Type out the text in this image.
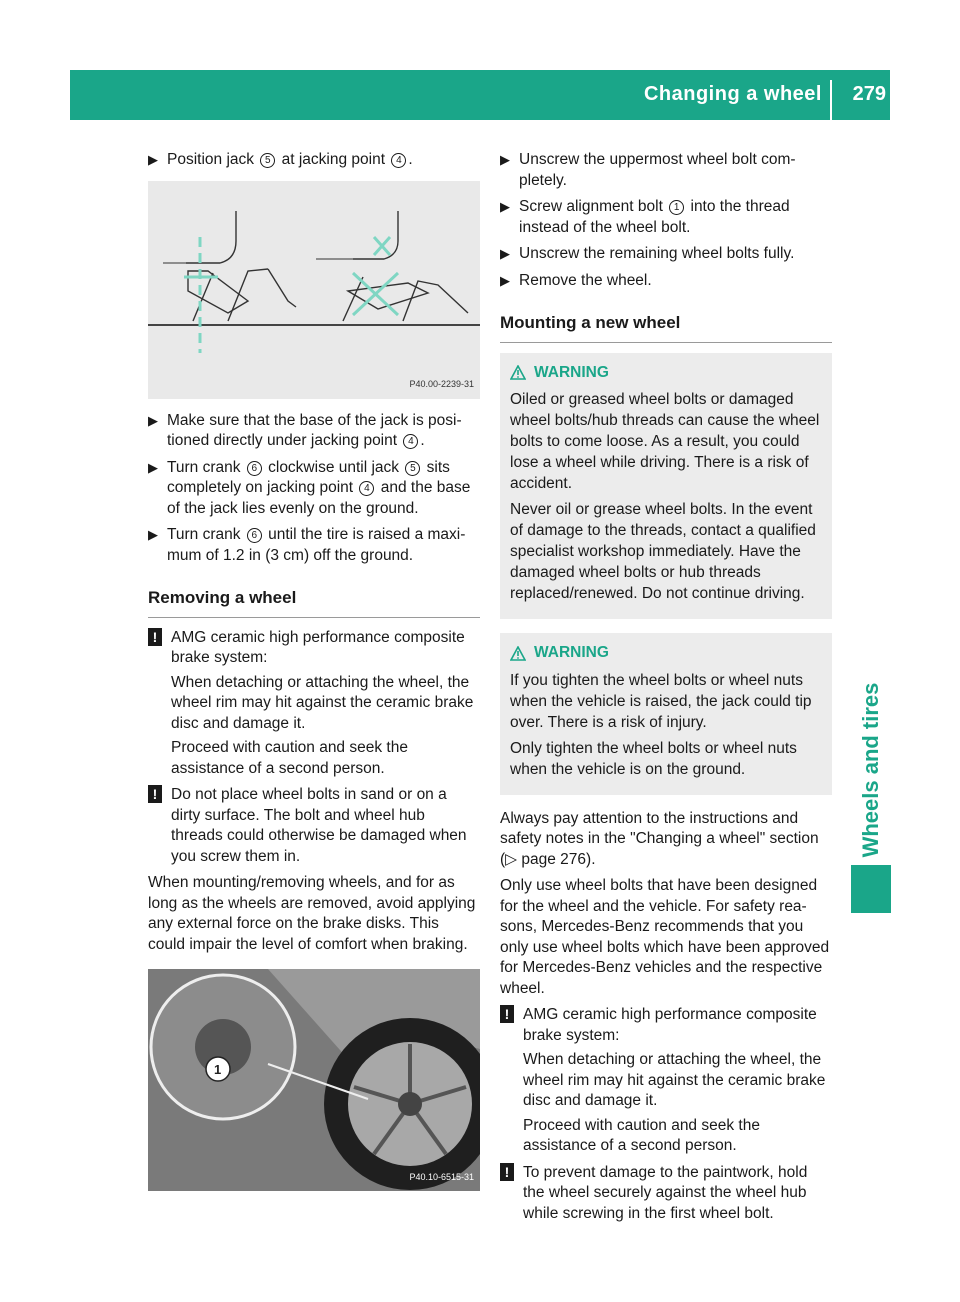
Changing a wheel 279
Wheels and tires
▶ Position jack 5 at jacking point 4 .
P40.00-2239-31
▶ Make sure that the base of the jack is posi-tioned directly under jacking point 4 .
▶ Turn crank 6 clockwise until jack 5 sits completely on jacking point 4 and the base of the jack lies evenly on the ground.
▶ Turn crank 6 until the tire is raised a maxi-mum of 1.2 in (3 cm) off the ground.
Removing a wheel
! AMG ceramic high performance composite brake system:

When detaching or attaching the wheel, the wheel rim may hit against the ceramic brake disc and damage it.

Proceed with caution and seek the assistance of a second person.

! Do not place wheel bolts in sand or on a dirty surface. The bolt and wheel hub threads could otherwise be damaged when you screw them in.

When mounting/removing wheels, and for as long as the wheels are removed, avoid applying any external force on the brake disks. This could impair the level of comfort when braking.

1
P40.10-6515-31
▶ Unscrew the uppermost wheel bolt com-pletely.
▶ Screw alignment bolt 1 into the thread instead of the wheel bolt.
▶ Unscrew the remaining wheel bolts fully.
▶ Remove the wheel.
Mounting a new wheel
WARNING

Oiled or greased wheel bolts or damaged wheel bolts/hub threads can cause the wheel bolts to come loose. As a result, you could lose a wheel while driving. There is a risk of accident.

Never oil or grease wheel bolts. In the event of damage to the threads, contact a qualified specialist workshop immediately. Have the damaged wheel bolts or hub threads replaced/renewed. Do not continue driving.

WARNING

If you tighten the wheel bolts or wheel nuts when the vehicle is raised, the jack could tip over. There is a risk of injury.

Only tighten the wheel bolts or wheel nuts when the vehicle is on the ground.

Always pay attention to the instructions and safety notes in the "Changing a wheel" section (▷ page 276).

Only use wheel bolts that have been designed for the wheel and the vehicle. For safety rea-sons, Mercedes-Benz recommends that you only use wheel bolts which have been approved for Mercedes-Benz vehicles and the respective wheel.

! AMG ceramic high performance composite brake system:

When detaching or attaching the wheel, the wheel rim may hit against the ceramic brake disc and damage it.

Proceed with caution and seek the assistance of a second person.

! To prevent damage to the paintwork, hold the wheel securely against the wheel hub while screwing in the first wheel bolt.
